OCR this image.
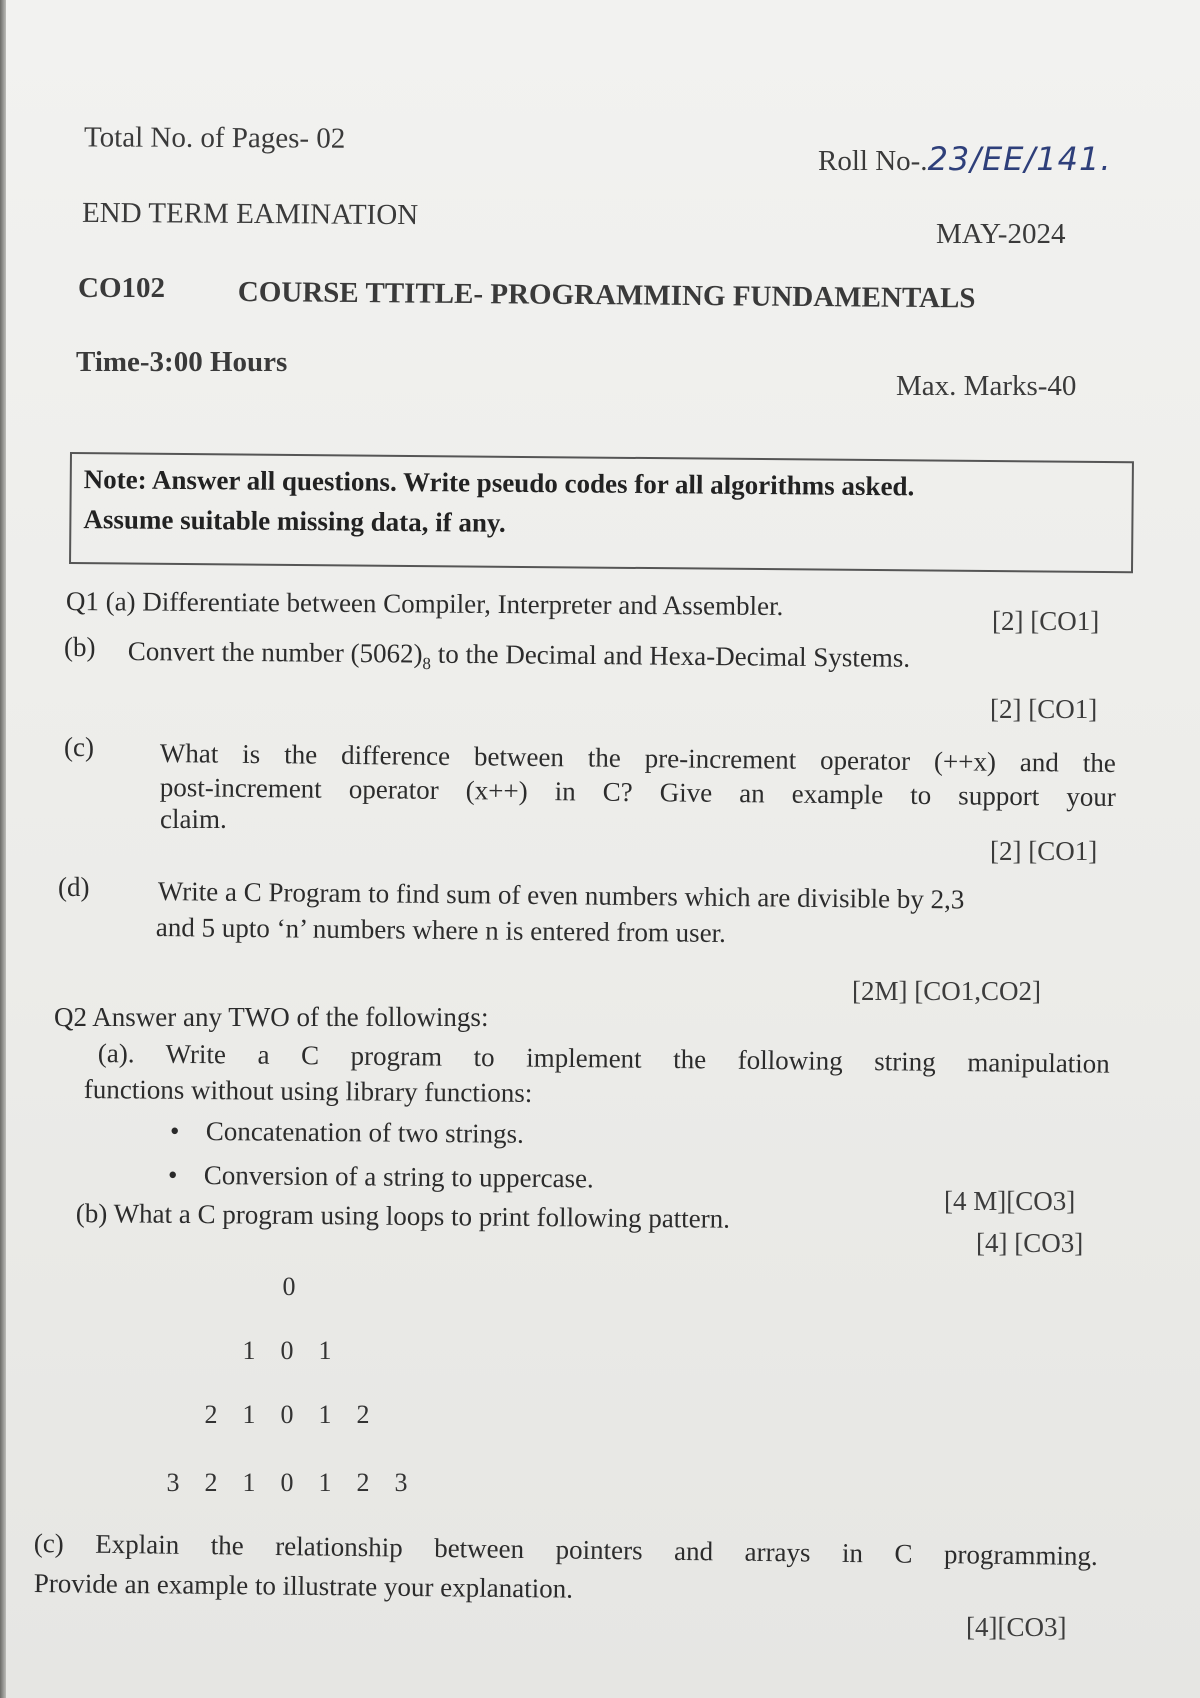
Total No. of Pages- 02
Roll No-.23/EE/141.
END TERM EAMINATION
MAY-2024
CO102	COURSE TTITLE- PROGRAMMING FUNDAMENTALS
Time-3:00 Hours
Max. Marks-40
Note: Answer all questions. Write pseudo codes for all algorithms asked.
Assume suitable missing data, if any.
Q1 (a) Differentiate between Compiler, Interpreter and Assembler.	[2] [CO1]
(b) Convert the number $(5062)_8$ to the Decimal and Hexa-Decimal Systems.
[2] [CO1]
(c) What is the difference between the pre-increment operator (++x) and the
post-increment operator (x++) in C? Give an example to support your
claim.
[2] [CO1]
(d)	Write a C Program to find sum of even numbers which are divisible by 2,3
and 5 upto ‘n’ numbers where n is entered from user.
[2M] [CO1,CO2]
Q2 Answer any TWO of the followings:
(a). Write a C program to implement the following string manipulation
functions without using library functions:
• Concatenation of two strings.
• Conversion of a string to uppercase.
[4 M][CO3]
(b) What a C program using loops to print following pattern.
[4] [CO3]
0
1 0 1
2 1 0 1 2
3 2 1 0 1 2 3
(c) Explain the relationship between pointers and arrays in C programming.
Provide an example to illustrate your explanation.
[4][CO3]
